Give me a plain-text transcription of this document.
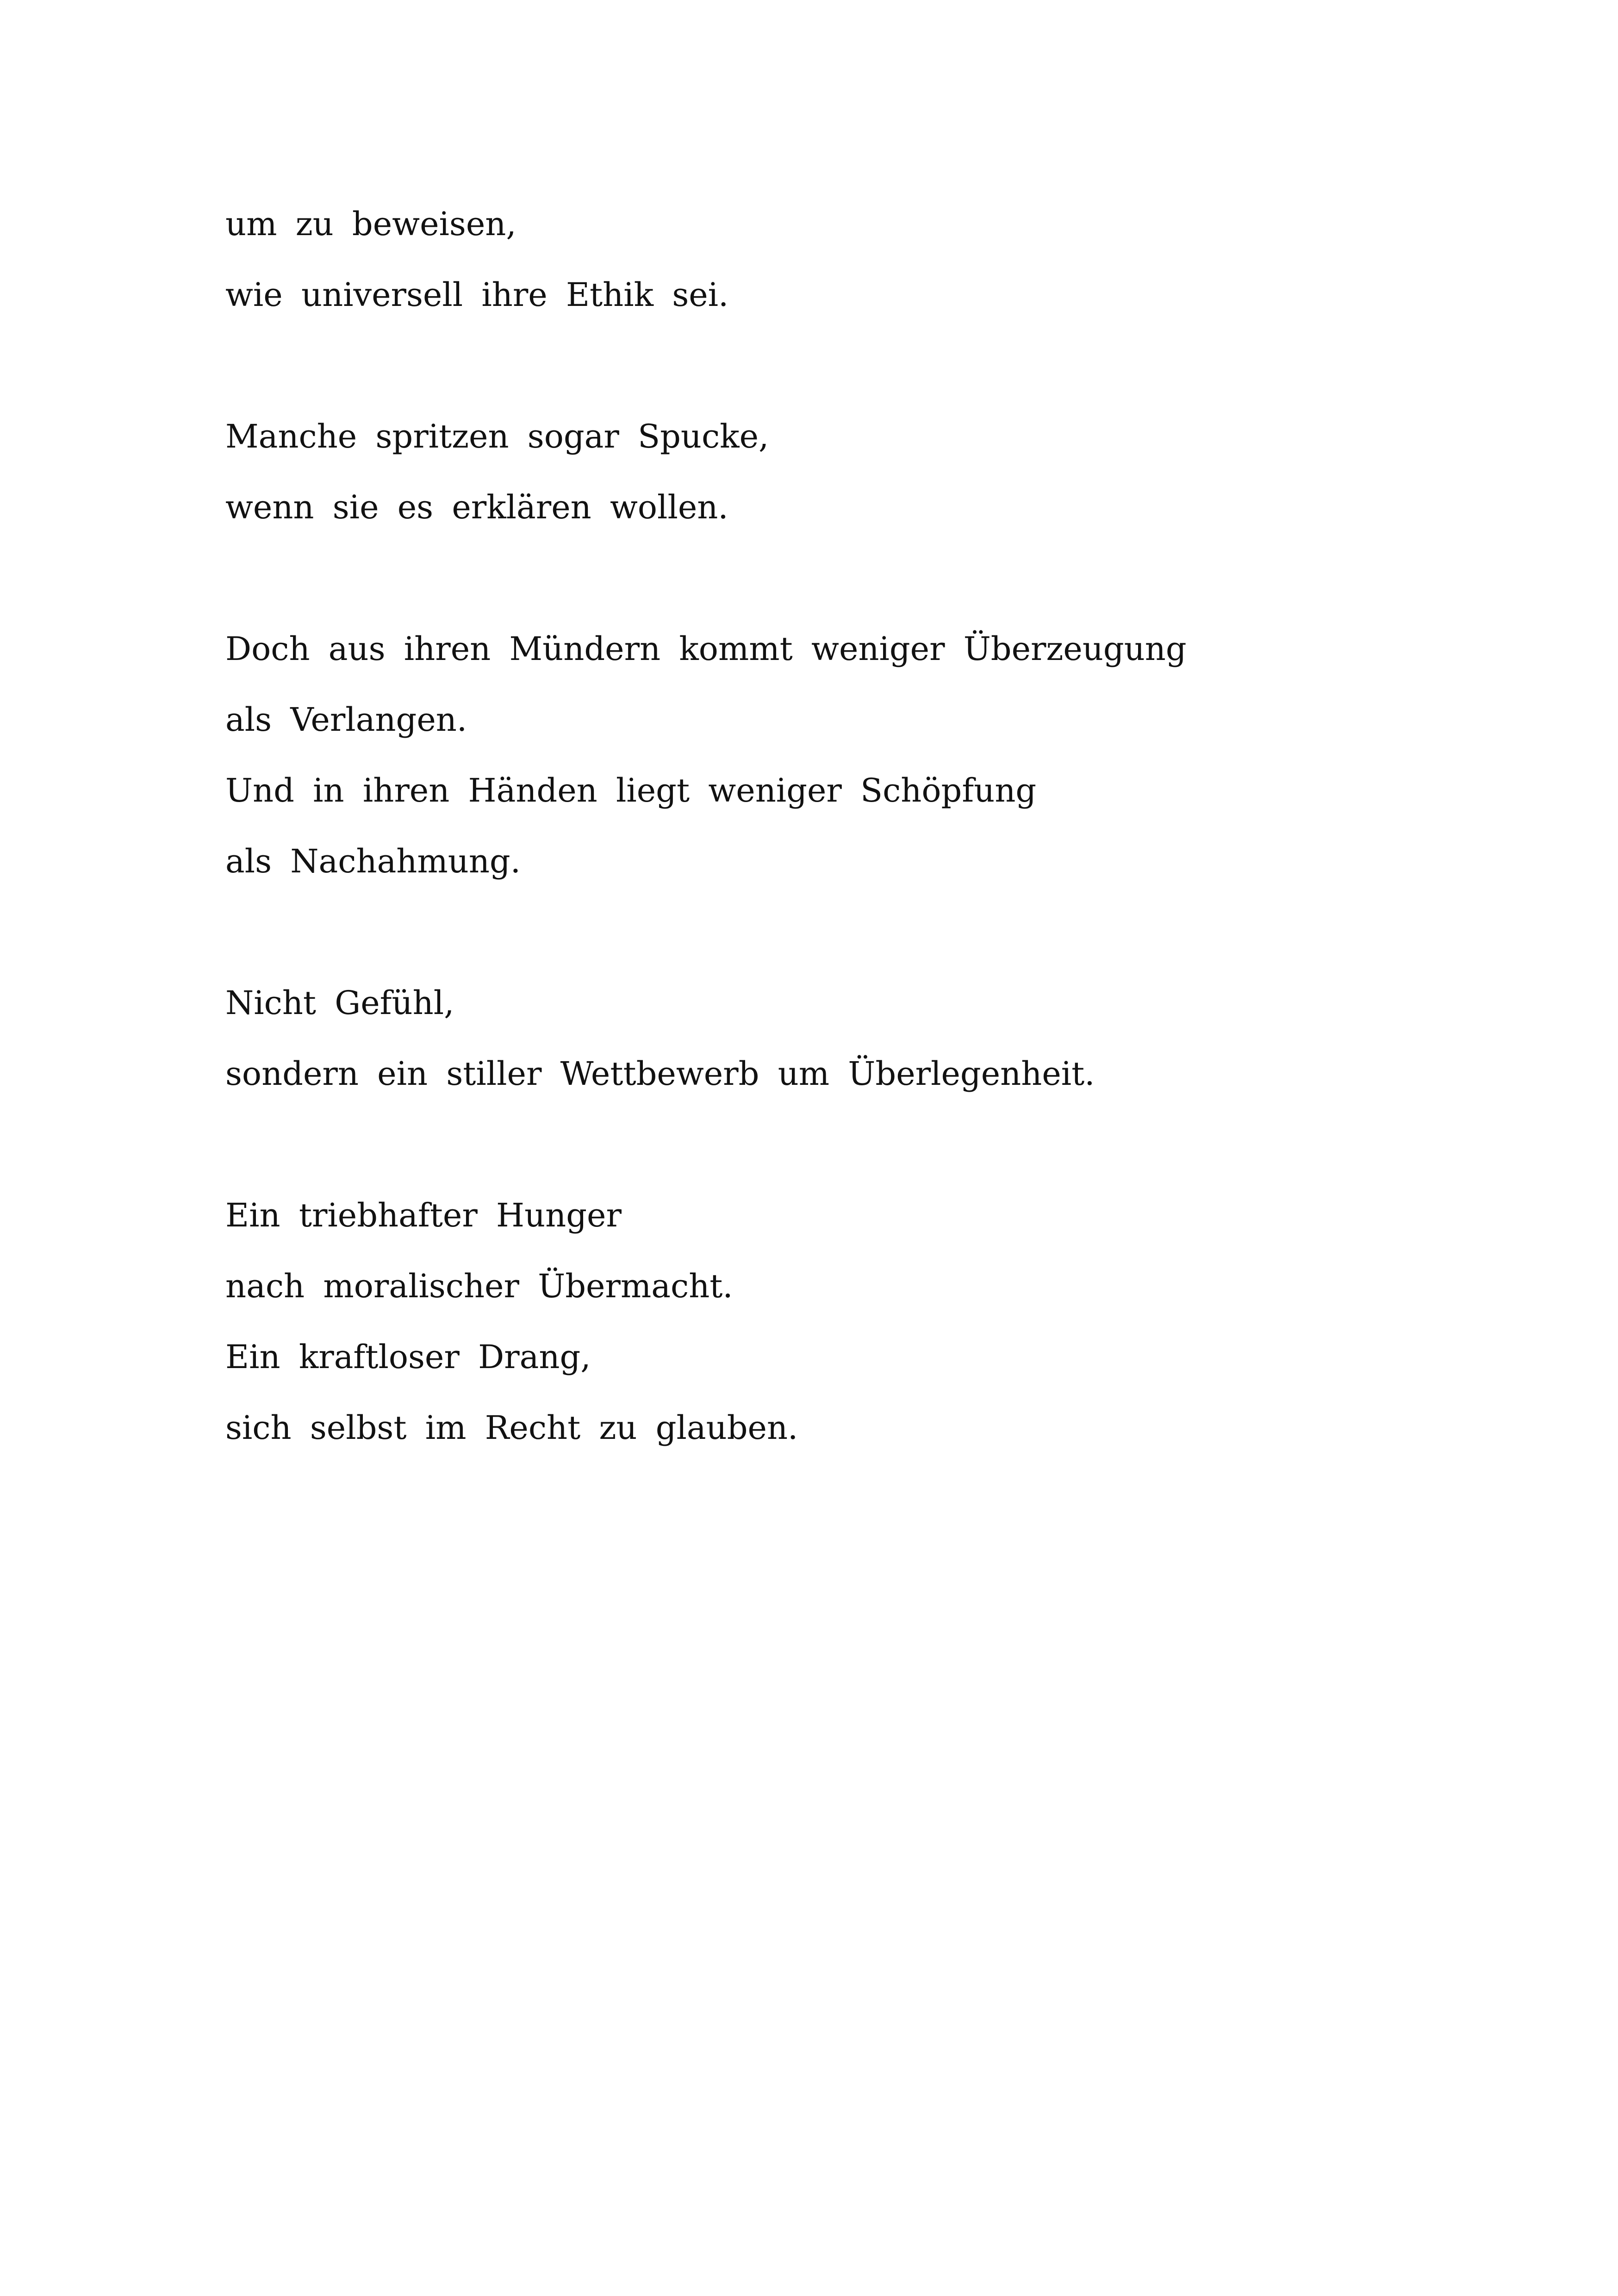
um zu beweisen,
wie universell ihre Ethik sei.
Manche spritzen sogar Spucke,
wenn sie es erklären wollen.
Doch aus ihren Mündern kommt weniger Überzeugung
als Verlangen.
Und in ihren Händen liegt weniger Schöpfung
als Nachahmung.
Nicht Gefühl,
sondern ein stiller Wettbewerb um Überlegenheit.
Ein triebhafter Hunger
nach moralischer Übermacht.
Ein kraftloser Drang,
sich selbst im Recht zu glauben.
